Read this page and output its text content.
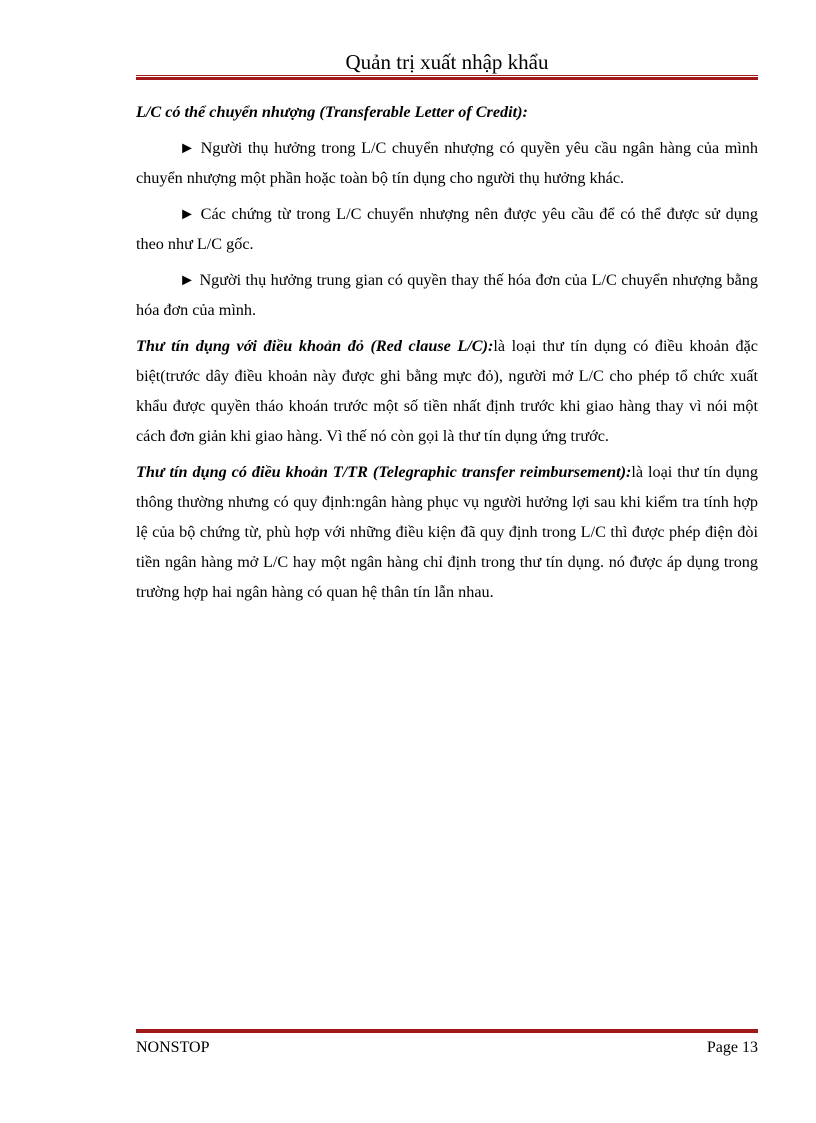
Quản trị xuất nhập khẩu

L/C có thể chuyển nhượng (Transferable Letter of Credit):

► Người thụ hưởng trong L/C chuyển nhượng có quyền yêu cầu ngân hàng của mình chuyển nhượng một phần hoặc toàn bộ tín dụng cho người thụ hưởng khác.

► Các chứng từ trong L/C chuyển nhượng nên được yêu cầu để có thể được sử dụng theo như L/C gốc.

► Người thụ hưởng trung gian có quyền thay thế hóa đơn của L/C chuyển nhượng bằng hóa đơn của mình.

Thư tín dụng với điều khoản đỏ (Red clause L/C):là loại thư tín dụng có điều khoản đặc biệt(trước dây điều khoản này được ghi bằng mực đỏ), người mở L/C cho phép tổ chức xuất khẩu được quyền tháo khoán trước một số tiền nhất định trước khi giao hàng thay vì nói một cách đơn giản khi giao hàng. Vì thế nó còn gọi là thư tín dụng ứng trước.

Thư tín dụng có điều khoản T/TR (Telegraphic transfer reimbursement):là loại thư tín dụng thông thường nhưng có quy định:ngân hàng phục vụ người hưởng lợi sau khi kiểm tra tính hợp lệ của bộ chứng từ, phù hợp với những điều kiện đã quy định trong L/C thì được phép điện đòi tiền ngân hàng mở L/C hay một ngân hàng chỉ định trong thư tín dụng. nó được áp dụng trong trường hợp hai ngân hàng có quan hệ thân tín lẫn nhau.

NONSTOP	Page 13
